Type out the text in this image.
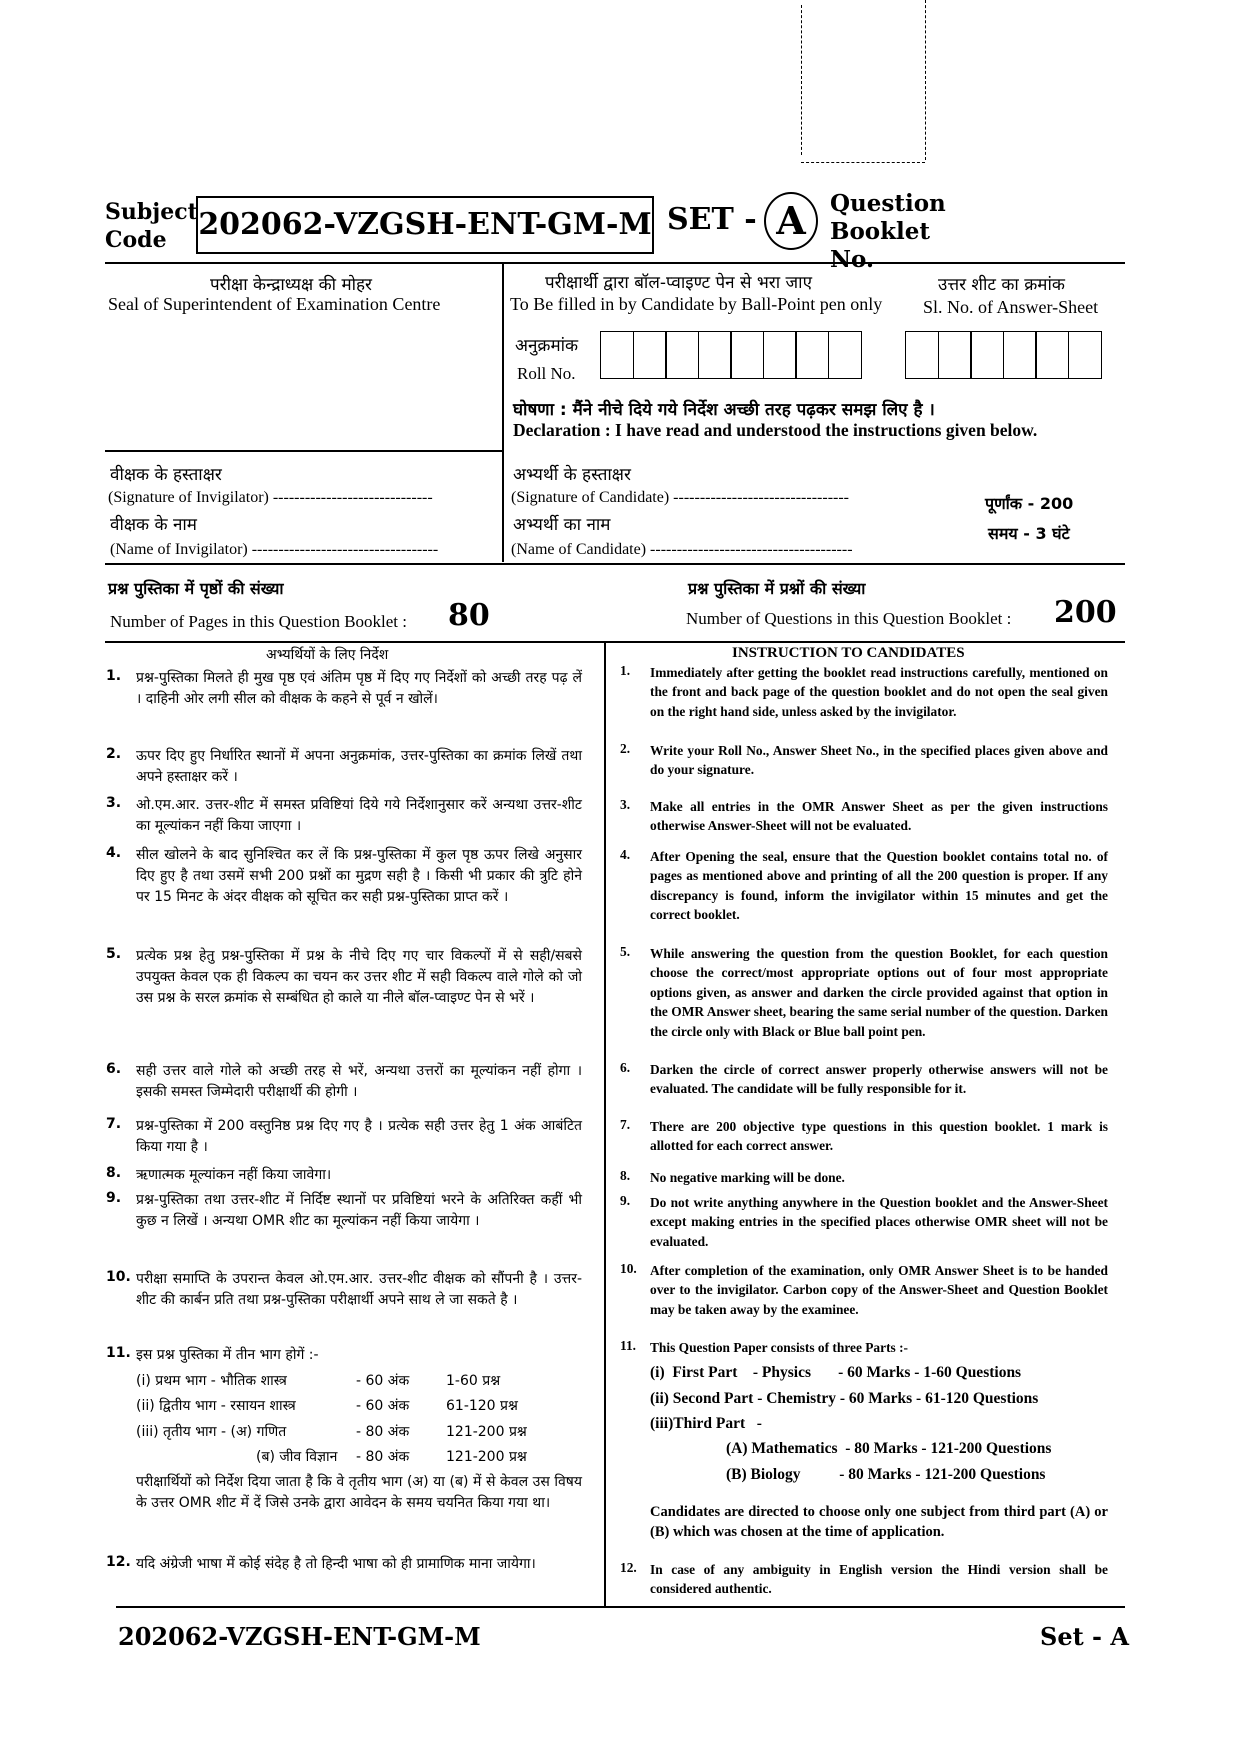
Subject Code	202062-VZGSH-ENT-GM-M SET - A	Question Booklet No.
परीक्षा केन्द्राध्यक्ष की मोहर
Seal of Superintendent of Examination Centre
परीक्षार्थी द्वारा बॉल-प्वाइण्ट पेन से भरा जाए
To Be filled in by Candidate by Ball-Point pen only
उत्तर शीट का क्रमांक
Sl. No. of Answer-Sheet
अनुक्रमांक
Roll No.
घोषणा : मैंने नीचे दिये गये निर्देश अच्छी तरह पढ़कर समझ लिए है ।
Declaration : I have read and understood the instructions given below.
वीक्षक के हस्ताक्षर
(Signature of Invigilator) ------------------------------
वीक्षक के नाम
(Name of Invigilator) -----------------------------------
अभ्यर्थी के हस्ताक्षर
(Signature of Candidate) ---------------------------------
अभ्यर्थी का नाम
(Name of Candidate) --------------------------------------
पूर्णांक - 200
समय - 3 घंटे
प्रश्न पुस्तिका में पृष्ठों की संख्या
Number of Pages in this Question Booklet : 80
प्रश्न पुस्तिका में प्रश्नों की संख्या
Number of Questions in this Question Booklet : 200
अभ्यर्थियों के लिए निर्देश	INSTRUCTION TO CANDIDATES
202062-VZGSH-ENT-GM-M	Set - A
1. प्रश्न-पुस्तिका मिलते ही मुख पृष्ठ एवं अंतिम पृष्ठ में दिए गए निर्देशों को अच्छी तरह पढ़ लें । दाहिनी ओर लगी सील को वीक्षक के कहने से पूर्व न खोलें।
2. ऊपर दिए हुए निर्धारित स्थानों में अपना अनुक्रमांक, उत्तर-पुस्तिका का क्रमांक लिखें तथा अपने हस्ताक्षर करें ।
3. ओ.एम.आर. उत्तर-शीट में समस्त प्रविष्टियां दिये गये निर्देशानुसार करें अन्यथा उत्तर-शीट का मूल्यांकन नहीं किया जाएगा ।
4. सील खोलने के बाद सुनिश्चित कर लें कि प्रश्न-पुस्तिका में कुल पृष्ठ ऊपर लिखे अनुसार दिए हुए है तथा उसमें सभी 200 प्रश्नों का मुद्रण सही है । किसी भी प्रकार की त्रुटि होने पर 15 मिनट के अंदर वीक्षक को सूचित कर सही प्रश्न-पुस्तिका प्राप्त करें ।
5. प्रत्येक प्रश्न हेतु प्रश्न-पुस्तिका में प्रश्न के नीचे दिए गए चार विकल्पों में से सही/सबसे उपयुक्त केवल एक ही विकल्प का चयन कर उत्तर शीट में सही विकल्प वाले गोले को जो उस प्रश्न के सरल क्रमांक से सम्बंधित हो काले या नीले बॉल-प्वाइण्ट पेन से भरें ।
6. सही उत्तर वाले गोले को अच्छी तरह से भरें, अन्यथा उत्तरों का मूल्यांकन नहीं होगा । इसकी समस्त जिम्मेदारी परीक्षार्थी की होगी ।
7. प्रश्न-पुस्तिका में 200 वस्तुनिष्ठ प्रश्न दिए गए है । प्रत्येक सही उत्तर हेतु 1 अंक आबंटित किया गया है ।
8. ऋणात्मक मूल्यांकन नहीं किया जावेगा।
9. प्रश्न-पुस्तिका तथा उत्तर-शीट में निर्दिष्ट स्थानों पर प्रविष्टियां भरने के अतिरिक्त कहीं भी कुछ न लिखें । अन्यथा OMR शीट का मूल्यांकन नहीं किया जायेगा ।
10. परीक्षा समाप्ति के उपरान्त केवल ओ.एम.आर. उत्तर-शीट वीक्षक को सौंपनी है । उत्तर-शीट की कार्बन प्रति तथा प्रश्न-पुस्तिका परीक्षार्थी अपने साथ ले जा सकते है ।
11. इस प्रश्न पुस्तिका में तीन भाग होगें :-
12. यदि अंग्रेजी भाषा में कोई संदेह है तो हिन्दी भाषा को ही प्रामाणिक माना जायेगा।
(i) प्रथम भाग - भौतिक शास्त्र	- 60 अंक	1-60 प्रश्न
(ii) द्वितीय भाग - रसायन शास्त्र	- 60 अंक	61-120 प्रश्न
(iii) तृतीय भाग - (अ) गणित	- 80 अंक	121-200 प्रश्न
(ब) जीव विज्ञान - 80 अंक	121-200 प्रश्न
परीक्षार्थियों को निर्देश दिया जाता है कि वे तृतीय भाग (अ) या (ब) में से केवल उस विषय के उत्तर OMR शीट में दें जिसे उनके द्वारा आवेदन के समय चयनित किया गया था।
1. Immediately after getting the booklet read instructions carefully, mentioned on the front and back page of the question booklet and do not open the seal given on the right hand side, unless asked by the invigilator.
2. Write your Roll No., Answer Sheet No., in the specified places given above and do your signature.
3. Make all entries in the OMR Answer Sheet as per the given instructions otherwise Answer-Sheet will not be evaluated.
4. After Opening the seal, ensure that the Question booklet contains total no. of pages as mentioned above and printing of all the 200 question is proper. If any discrepancy is found, inform the invigilator within 15 minutes and get the correct booklet.
5. While answering the question from the question Booklet, for each question choose the correct/most appropriate options out of four most appropriate options given, as answer and darken the circle provided against that option in the OMR Answer sheet, bearing the same serial number of the question. Darken the circle only with Black or Blue ball point pen.
6. Darken the circle of correct answer properly otherwise answers will not be evaluated. The candidate will be fully responsible for it.
7. There are 200 objective type questions in this question booklet. 1 mark is allotted for each correct answer.
8. No negative marking will be done.
9. Do not write anything anywhere in the Question booklet and the Answer-Sheet except making entries in the specified places otherwise OMR sheet will not be evaluated.
10. After completion of the examination, only OMR Answer Sheet is to be handed over to the invigilator. Carbon copy of the Answer-Sheet and Question Booklet may be taken away by the examinee.
11. This Question Paper consists of three Parts :-
12. In case of any ambiguity in English version the Hindi version shall be considered authentic.
(i)  First Part    - Physics       - 60 Marks - 1-60 Questions
(ii) Second Part - Chemistry - 60 Marks - 61-120 Questions
(iii)Third Part   -
(A) Mathematics  - 80 Marks - 121-200 Questions
(B) Biology          - 80 Marks - 121-200 Questions
Candidates are directed to choose only one subject from third part (A) or (B) which was chosen at the time of application.
